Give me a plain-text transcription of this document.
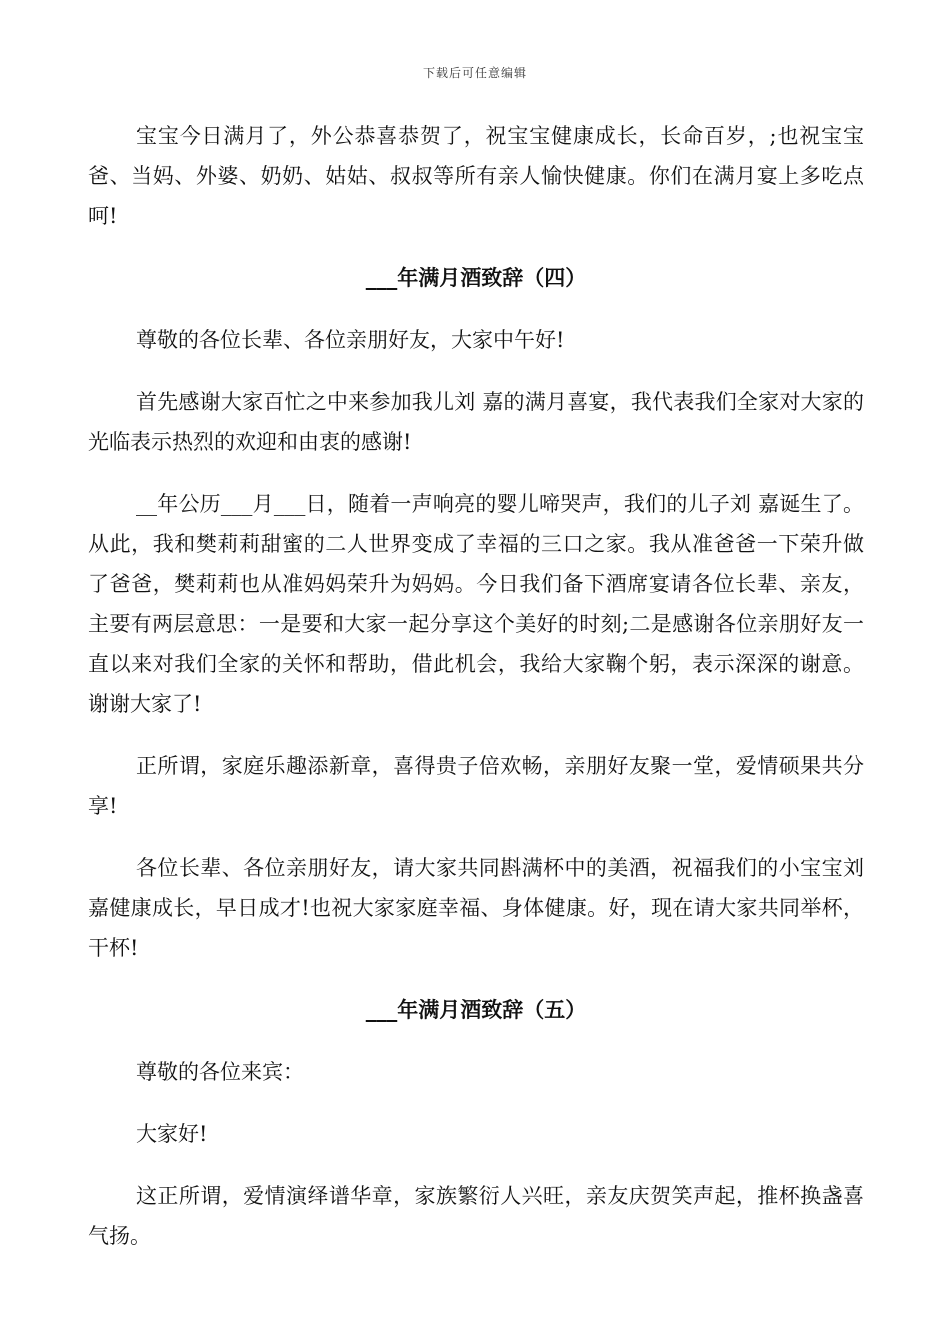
下载后可任意编辑

宝宝今日满月了，外公恭喜恭贺了，祝宝宝健康成长，长命百岁，;也祝宝宝爸、当妈、外婆、奶奶、姑姑、叔叔等所有亲人愉快健康。你们在满月宴上多吃点呵!

___年满月酒致辞（四）

尊敬的各位长辈、各位亲朋好友，大家中午好!

首先感谢大家百忙之中来参加我儿刘 嘉的满月喜宴，我代表我们全家对大家的光临表示热烈的欢迎和由衷的感谢!

__年公历___月___日，随着一声响亮的婴儿啼哭声，我们的儿子刘 嘉诞生了。从此，我和樊莉莉甜蜜的二人世界变成了幸福的三口之家。我从准爸爸一下荣升做了爸爸，樊莉莉也从准妈妈荣升为妈妈。今日我们备下酒席宴请各位长辈、亲友，主要有两层意思：一是要和大家一起分享这个美好的时刻;二是感谢各位亲朋好友一直以来对我们全家的关怀和帮助，借此机会，我给大家鞠个躬，表示深深的谢意。谢谢大家了!

正所谓，家庭乐趣添新章，喜得贵子倍欢畅，亲朋好友聚一堂，爱情硕果共分享!

各位长辈、各位亲朋好友，请大家共同斟满杯中的美酒，祝福我们的小宝宝刘 嘉健康成长，早日成才!也祝大家家庭幸福、身体健康。好，现在请大家共同举杯，干杯!

___年满月酒致辞（五）

尊敬的各位来宾：

大家好!

这正所谓，爱情演绎谱华章，家族繁衍人兴旺，亲友庆贺笑声起，推杯换盏喜气扬。
